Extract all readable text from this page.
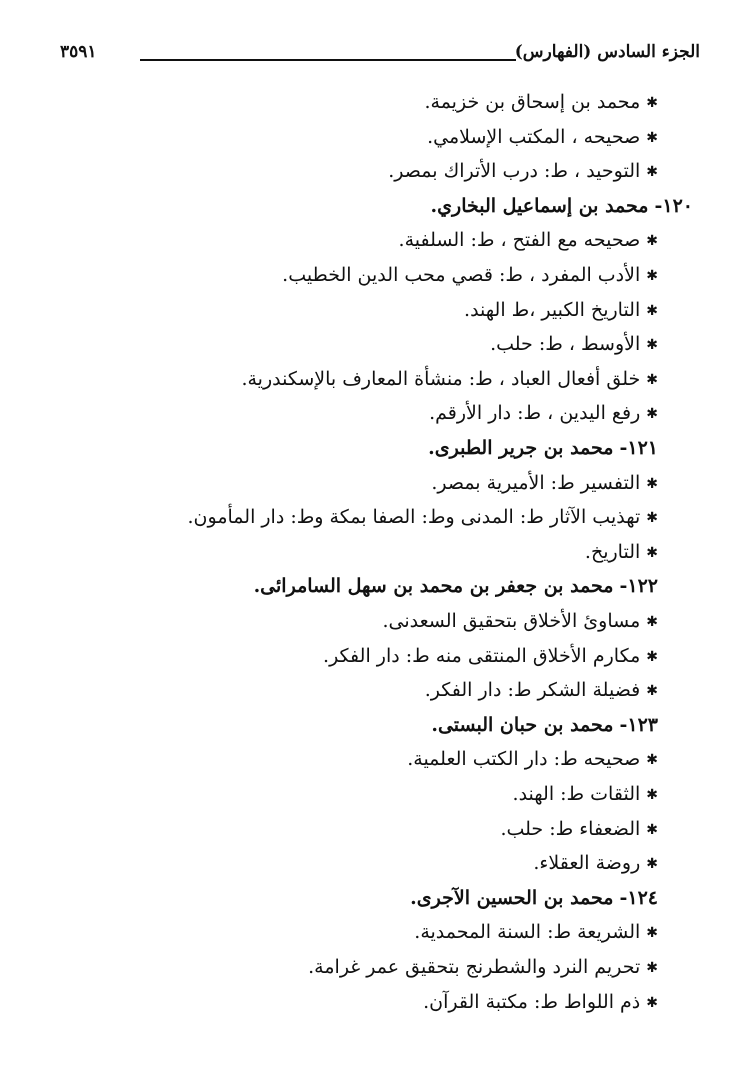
الجزء السادس (الفهارس)
٣٥٩١
✱محمد بن إسحاق بن خزيمة.
✱صحيحه ، المكتب الإسلامي.
✱التوحيد ، ط: درب الأتراك بمصر.
١٢٠-محمد بن إسماعيل البخاري.
✱صحيحه مع الفتح ، ط: السلفية.
✱الأدب المفرد ، ط: قصي محب الدين الخطيب.
✱التاريخ الكبير ،ط الهند.
✱الأوسط ، ط: حلب.
✱خلق أفعال العباد ، ط: منشأة المعارف بالإسكندرية.
✱رفع اليدين ، ط: دار الأرقم.
١٢١-محمد بن جرير الطبرى.
✱التفسير ط: الأميرية بمصر.
✱تهذيب الآثار ط: المدنى وط: الصفا بمكة وط: دار المأمون.
✱التاريخ.
١٢٢-محمد بن جعفر بن محمد بن سهل السامرائى.
✱مساوئ الأخلاق بتحقيق السعدنى.
✱مكارم الأخلاق المنتقى منه ط: دار الفكر.
✱فضيلة الشكر ط: دار الفكر.
١٢٣-محمد بن حبان البستى.
✱صحيحه ط: دار الكتب العلمية.
✱الثقات ط: الهند.
✱الضعفاء ط: حلب.
✱روضة العقلاء.
١٢٤-محمد بن الحسين الآجرى.
✱الشريعة ط: السنة المحمدية.
✱تحريم النرد والشطرنج بتحقيق عمر غرامة.
✱ذم اللواط ط: مكتبة القرآن.
